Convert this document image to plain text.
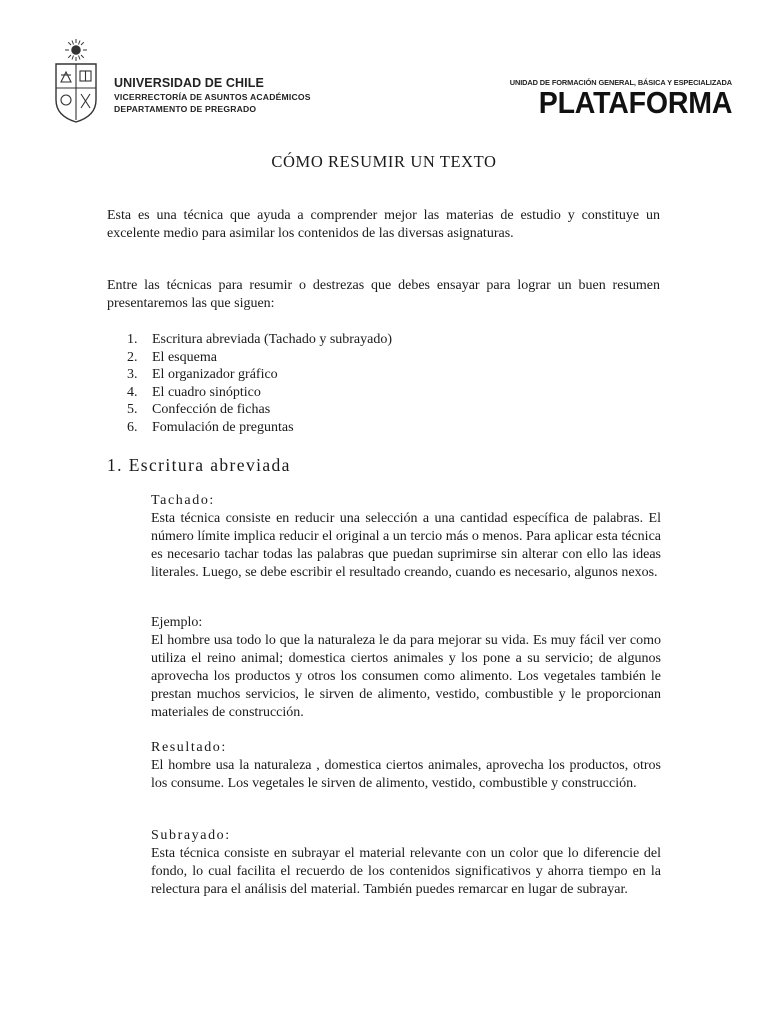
UNIVERSIDAD DE CHILE
VICERRECTORÍA DE ASUNTOS ACADÉMICOS
DEPARTAMENTO DE PREGRADO
UNIDAD DE FORMACIÓN GENERAL, BÁSICA Y ESPECIALIZADA
PLATAFORMA
CÓMO RESUMIR UN TEXTO
Esta es una técnica que ayuda a comprender mejor las materias de estudio y constituye un excelente medio para asimilar los contenidos de las diversas asignaturas.
Entre las técnicas para resumir o destrezas que debes ensayar para lograr un buen resumen presentaremos las que siguen:
1.	Escritura abreviada (Tachado y subrayado)
2.	El esquema
3.	El organizador gráfico
4.	El cuadro sinóptico
5.	Confección de fichas
6.	Fomulación de preguntas
1. Escritura abreviada
Tachado:
Esta técnica consiste en reducir una selección a una cantidad específica de palabras. El número límite implica reducir el original a un tercio más o menos. Para aplicar esta técnica es necesario tachar todas las palabras que puedan suprimirse sin alterar con ello las ideas literales. Luego, se debe escribir el resultado creando, cuando es necesario, algunos nexos.
Ejemplo:
El hombre usa todo lo que la naturaleza le da para mejorar su vida. Es muy fácil ver como utiliza el reino animal; domestica ciertos animales y los pone a su servicio; de algunos aprovecha los productos y otros los consumen como alimento. Los vegetales también le prestan muchos servicios, le sirven de alimento, vestido, combustible y le proporcionan materiales de construcción.
Resultado:
El hombre usa la naturaleza , domestica ciertos animales, aprovecha los productos, otros los consume. Los vegetales le sirven de alimento, vestido, combustible y construcción.
Subrayado:
Esta técnica consiste en subrayar el material relevante con un color que lo diferencie del fondo, lo cual facilita el recuerdo de los contenidos significativos y ahorra tiempo en la relectura para el análisis del material. También puedes remarcar en lugar de subrayar.
